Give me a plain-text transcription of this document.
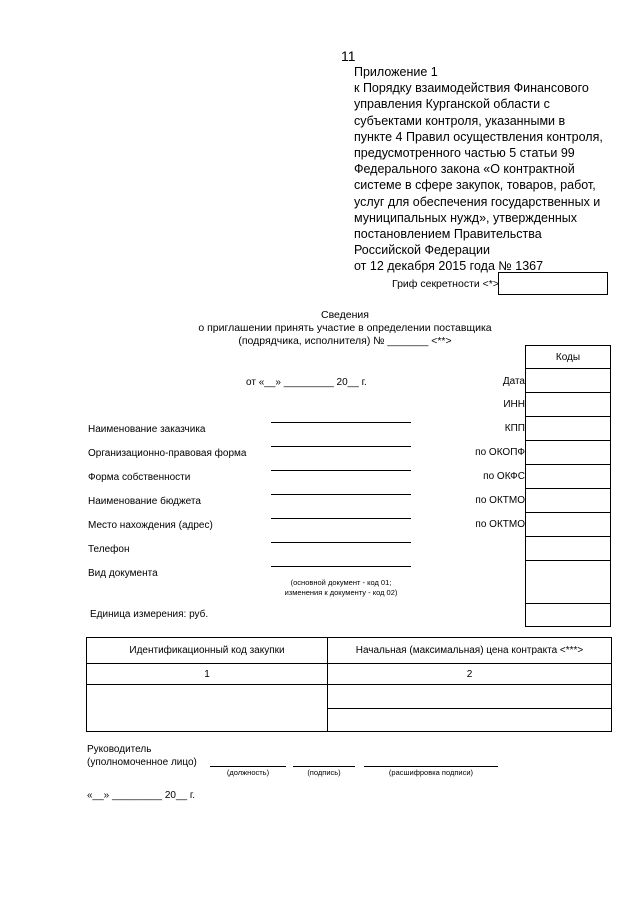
11
Приложение 1
к Порядку взаимодействия Финансового
управления Курганской области с
субъектами контроля, указанными в
пункте 4 Правил осуществления контроля,
предусмотренного частью 5 статьи 99
Федерального закона «О контрактной
системе в сфере закупок, товаров, работ,
услуг для обеспечения государственных и
муниципальных нужд», утвержденных
постановлением Правительства
Российской Федерации
от 12 декабря 2015 года № 1367
Гриф секретности <*>
Сведения
о приглашении принять участие в определении поставщика
(подрядчика, исполнителя) № _______ <**>
от «__» _________ 20__ г.
Коды

Дата
ИНН
КПП
по ОКОПФ
по ОКФС
по ОКТМО
по ОКТМО
Наименование заказчика
Организационно-правовая форма
Форма собственности
Наименование бюджета
Место нахождения (адрес)
Телефон
Вид документа
(основной документ - код 01;
изменения к документу - код 02)
Единица измерения: руб.
Идентификационный код закупки	Начальная (максимальная) цена контракта <***>
1	2

Руководитель
(уполномоченное лицо)
(должность)	(подпись)	(расшифровка подписи)
«__» _________ 20__ г.
